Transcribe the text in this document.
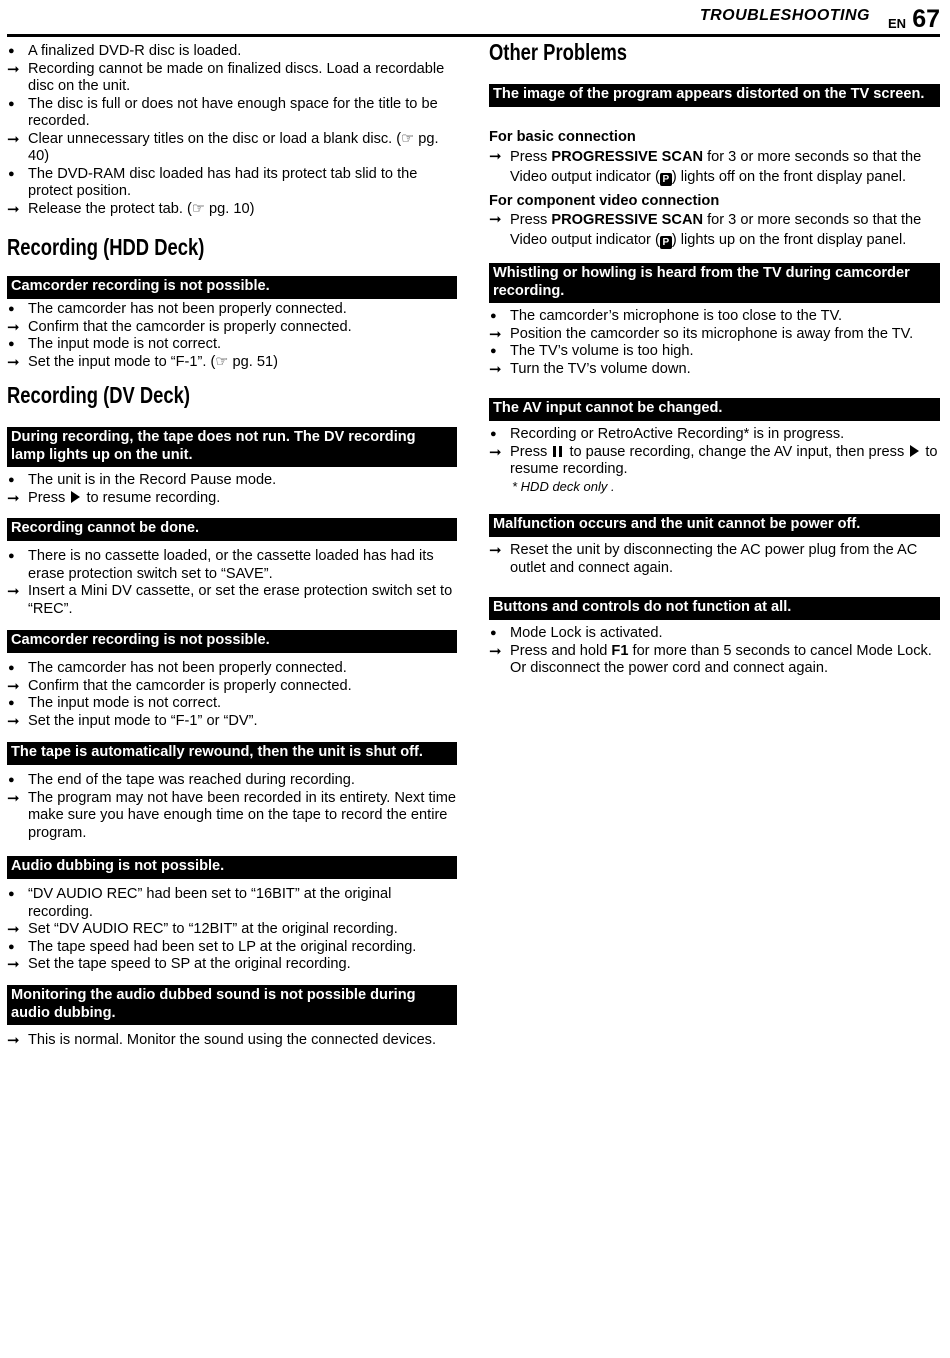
TROUBLESHOOTING EN 67
● A finalized DVD-R disc is loaded.
➞ Recording cannot be made on finalized discs. Load a recordable disc on the unit.
● The disc is full or does not have enough space for the title to be recorded.
➞ Clear unnecessary titles on the disc or load a blank disc. (☞ pg. 40)
● The DVD-RAM disc loaded has had its protect tab slid to the protect position.
➞ Release the protect tab. (☞ pg. 10)
Recording (HDD Deck)
Camcorder recording is not possible.
● The camcorder has not been properly connected.
➞ Confirm that the camcorder is properly connected.
● The input mode is not correct.
➞ Set the input mode to “F-1”. (☞ pg. 51)
Recording (DV Deck)
During recording, the tape does not run. The DV recording lamp lights up on the unit.
● The unit is in the Record Pause mode.
➞ Press to resume recording.
Recording cannot be done.
● There is no cassette loaded, or the cassette loaded has had its erase protection switch set to “SAVE”.
➞ Insert a Mini DV cassette, or set the erase protection switch set to “REC”.
Camcorder recording is not possible.
● The camcorder has not been properly connected.
➞ Confirm that the camcorder is properly connected.
● The input mode is not correct.
➞ Set the input mode to “F-1” or “DV”.
The tape is automatically rewound, then the unit is shut off.
● The end of the tape was reached during recording.
➞ The program may not have been recorded in its entirety. Next time make sure you have enough time on the tape to record the entire program.
Audio dubbing is not possible.
● “DV AUDIO REC” had been set to “16BIT” at the original recording.
➞ Set “DV AUDIO REC” to “12BIT” at the original recording.
● The tape speed had been set to LP at the original recording.
➞ Set the tape speed to SP at the original recording.
Monitoring the audio dubbed sound is not possible during audio dubbing.
➞ This is normal. Monitor the sound using the connected devices.
Other Problems
The image of the program appears distorted on the TV screen.
For basic connection
➞ Press PROGRESSIVE SCAN for 3 or more seconds so that the Video output indicator ( P ) lights off on the front display panel.
For component video connection
➞ Press PROGRESSIVE SCAN for 3 or more seconds so that the Video output indicator ( P ) lights up on the front display panel.
Whistling or howling is heard from the TV during camcorder recording.
● The camcorder’s microphone is too close to the TV.
➞ Position the camcorder so its microphone is away from the TV.
● The TV’s volume is too high.
➞ Turn the TV’s volume down.
The AV input cannot be changed.
● Recording or RetroActive Recording* is in progress.
➞ Press to pause recording, change the AV input, then press to resume recording.
* HDD deck only .
Malfunction occurs and the unit cannot be power off.
➞ Reset the unit by disconnecting the AC power plug from the AC outlet and connect again.
Buttons and controls do not function at all.
● Mode Lock is activated.
➞ Press and hold F1 for more than 5 seconds to cancel Mode Lock. Or disconnect the power cord and connect again.
